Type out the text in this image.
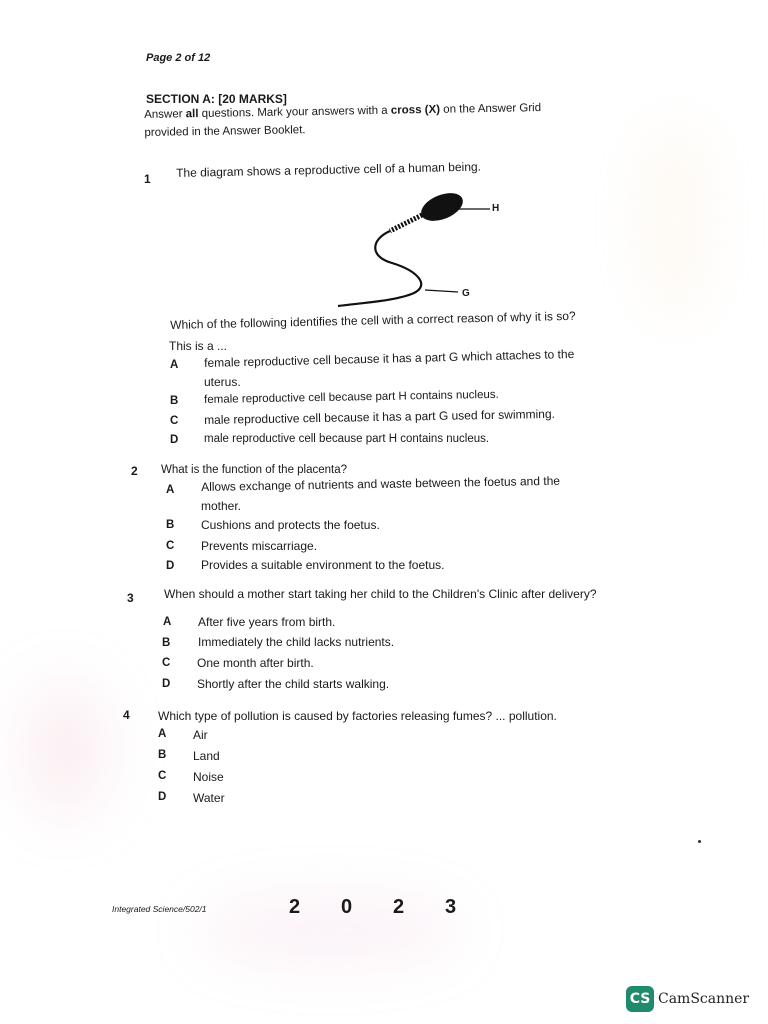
Page 2 of 12
SECTION A: [20 MARKS]
Answer all questions. Mark your answers with a cross (X) on the Answer Grid
provided in the Answer Booklet.
1 The diagram shows a reproductive cell of a human being.
H
G
Which of the following identifies the cell with a correct reason of why it is so?
This is a ...
A female reproductive cell because it has a part G which attaches to the
uterus.
B female reproductive cell because part H contains nucleus.
C male reproductive cell because it has a part G used for swimming.
D male reproductive cell because part H contains nucleus.
2 What is the function of the placenta?
A Allows exchange of nutrients and waste between the foetus and the
mother.
B Cushions and protects the foetus.
C Prevents miscarriage.
D Provides a suitable environment to the foetus.
3	When should a mother start taking her child to the Children's Clinic after delivery?
A After five years from birth.
B Immediately the child lacks nutrients.
C One month after birth.
D Shortly after the child starts walking.
4 Which type of pollution is caused by factories releasing fumes? ... pollution.
A Air
B Land
C Noise
D Water
Integrated Science/502/1	2 0 2 3
CS CamScanner
